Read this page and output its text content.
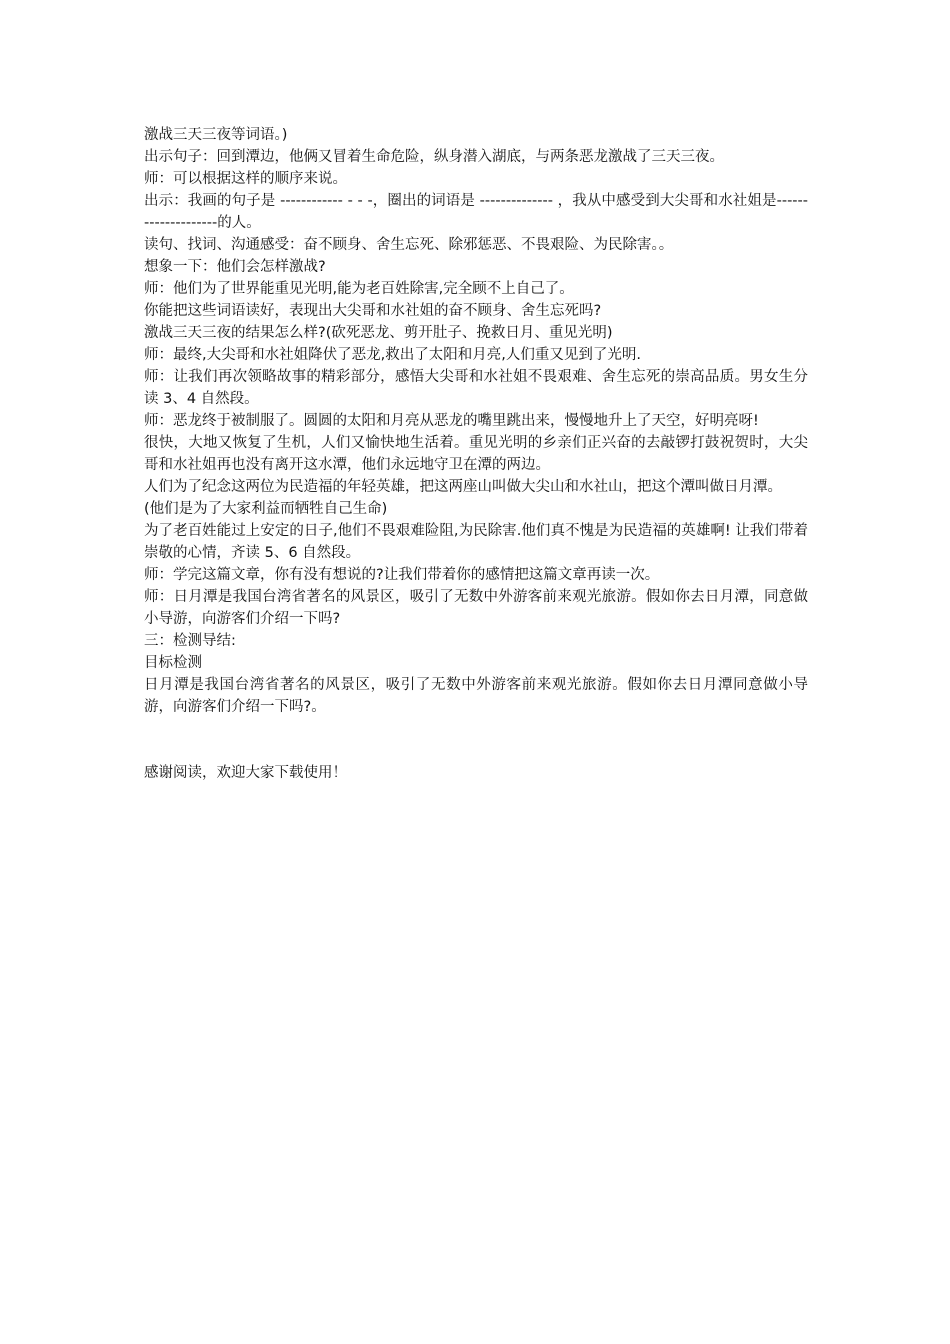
激战三天三夜等词语。)

出示句子：回到潭边，他俩又冒着生命危险，纵身潜入湖底，与两条恶龙激战了三天三夜。

师：可以根据这样的顺序来说。

出示：我画的句子是 ------------ - - -，圈出的词语是 -------------- ，我从中感受到大尖哥和水社姐是--------------------的人。

读句、找词、沟通感受：奋不顾身、舍生忘死、除邪惩恶、不畏艰险、为民除害。。

想象一下：他们会怎样激战?

师：他们为了世界能重见光明,能为老百姓除害,完全顾不上自己了。

你能把这些词语读好，表现出大尖哥和水社姐的奋不顾身、舍生忘死吗?

激战三天三夜的结果怎么样?(砍死恶龙、剪开肚子、挽救日月、重见光明)

师：最终,大尖哥和水社姐降伏了恶龙,救出了太阳和月亮,人们重又见到了光明.

师：让我们再次领略故事的精彩部分，感悟大尖哥和水社姐不畏艰难、舍生忘死的崇高品质。男女生分读 3、4 自然段。

师：恶龙终于被制服了。圆圆的太阳和月亮从恶龙的嘴里跳出来，慢慢地升上了天空，好明亮呀!

很快，大地又恢复了生机，人们又愉快地生活着。重见光明的乡亲们正兴奋的去敲锣打鼓祝贺时，大尖哥和水社姐再也没有离开这水潭，他们永远地守卫在潭的两边。

人们为了纪念这两位为民造福的年轻英雄，把这两座山叫做大尖山和水社山，把这个潭叫做日月潭。

(他们是为了大家利益而牺牲自己生命)

为了老百姓能过上安定的日子,他们不畏艰难险阻,为民除害.他们真不愧是为民造福的英雄啊! 让我们带着崇敬的心情，齐读 5、6 自然段。

师：学完这篇文章，你有没有想说的?让我们带着你的感情把这篇文章再读一次。

师：日月潭是我国台湾省著名的风景区，吸引了无数中外游客前来观光旅游。假如你去日月潭，同意做小导游，向游客们介绍一下吗?

三：检测导结:

目标检测

日月潭是我国台湾省著名的风景区，吸引了无数中外游客前来观光旅游。假如你去日月潭同意做小导游，向游客们介绍一下吗?。

感谢阅读，欢迎大家下载使用！
